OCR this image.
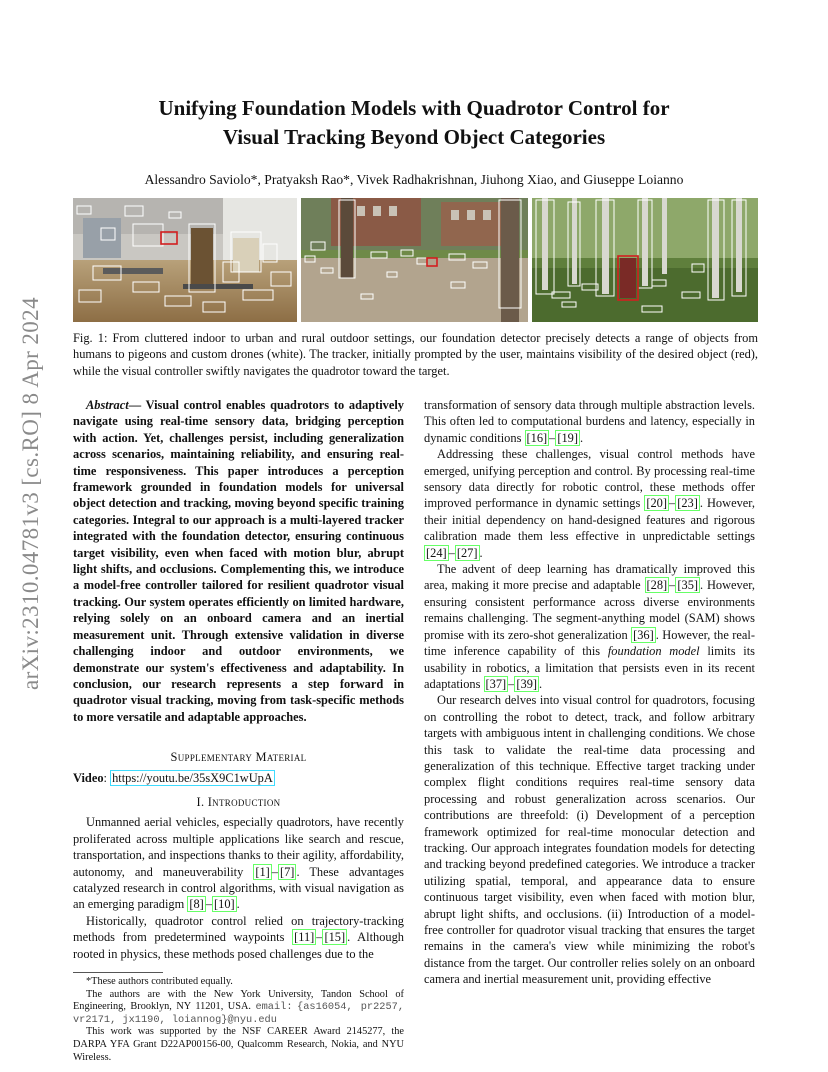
Unifying Foundation Models with Quadrotor Control for
Visual Tracking Beyond Object Categories
Alessandro Saviolo*, Pratyaksh Rao*, Vivek Radhakrishnan, Jiuhong Xiao, and Giuseppe Loianno
arXiv:2310.04781v3 [cs.RO] 8 Apr 2024 Fig. 1: From cluttered indoor to urban and rural outdoor settings, our foundation detector precisely detects a range of objects from humans to pigeons and custom drones (white). The tracker, initially prompted by the user, maintains visibility of the desired object (red), while the visual controller swiftly navigates the quadrotor toward the target.

Abstract— Visual control enables quadrotors to adaptively navigate using real-time sensory data, bridging perception with action. Yet, challenges persist, including generalization across scenarios, maintaining reliability, and ensuring real-time responsiveness. This paper introduces a perception framework grounded in foundation models for universal object detection and tracking, moving beyond specific training categories. Integral to our approach is a multi-layered tracker integrated with the foundation detector, ensuring continuous target visibility, even when faced with motion blur, abrupt light shifts, and occlusions. Complementing this, we introduce a model-free controller tailored for resilient quadrotor visual tracking. Our system operates efficiently on limited hardware, relying solely on an onboard camera and an inertial measurement unit. Through extensive validation in diverse challenging indoor and outdoor environments, we demonstrate our system's effectiveness and adaptability. In conclusion, our research represents a step forward in quadrotor visual tracking, moving from task-specific methods to more versatile and adaptable approaches.

Supplementary Material

Video: https://youtu.be/35sX9C1wUpA

I. Introduction

Unmanned aerial vehicles, especially quadrotors, have recently proliferated across multiple applications like search and rescue, transportation, and inspections thanks to their agility, affordability, autonomy, and maneuverability [1] – [7] . These advantages catalyzed research in control algorithms, with visual navigation as an emerging paradigm [8] – [10] .

Historically, quadrotor control relied on trajectory-tracking methods from predetermined waypoints [11] – [15] . Although rooted in physics, these methods posed challenges due to the

*These authors contributed equally.

The authors are with the New York University, Tandon School of Engineering, Brooklyn, NY 11201, USA. email: {as16054, pr2257, vr2171, jx1190, loiannog}@nyu.edu

This work was supported by the NSF CAREER Award 2145277, the DARPA YFA Grant D22AP00156-00, Qualcomm Research, Nokia, and NYU Wireless.

transformation of sensory data through multiple abstraction levels. This often led to computational burdens and latency, especially in dynamic conditions [16] – [19] .

Addressing these challenges, visual control methods have emerged, unifying perception and control. By processing real-time sensory data directly for robotic control, these methods offer improved performance in dynamic settings [20] – [23] . However, their initial dependency on hand-designed features and rigorous calibration made them less effective in unpredictable settings [24] – [27] .

The advent of deep learning has dramatically improved this area, making it more precise and adaptable [28] – [35] . However, ensuring consistent performance across diverse environments remains challenging. The segment-anything model (SAM) shows promise with its zero-shot generalization [36] . However, the real-time inference capability of this foundation model limits its usability in robotics, a limitation that persists even in its recent adaptations [37] – [39] .

Our research delves into visual control for quadrotors, focusing on controlling the robot to detect, track, and follow arbitrary targets with ambiguous intent in challenging conditions. We chose this task to validate the real-time data processing and generalization of this technique. Effective target tracking under complex flight conditions requires real-time sensory data processing and robust generalization across scenarios. Our contributions are threefold: (i) Development of a perception framework optimized for real-time monocular detection and tracking. Our approach integrates foundation models for detecting and tracking beyond predefined categories. We introduce a tracker utilizing spatial, temporal, and appearance data to ensure continuous target visibility, even when faced with motion blur, abrupt light shifts, and occlusions. (ii) Introduction of a model-free controller for quadrotor visual tracking that ensures the target remains in the camera's view while minimizing the robot's distance from the target. Our controller relies solely on an onboard camera and inertial measurement unit, providing effective
